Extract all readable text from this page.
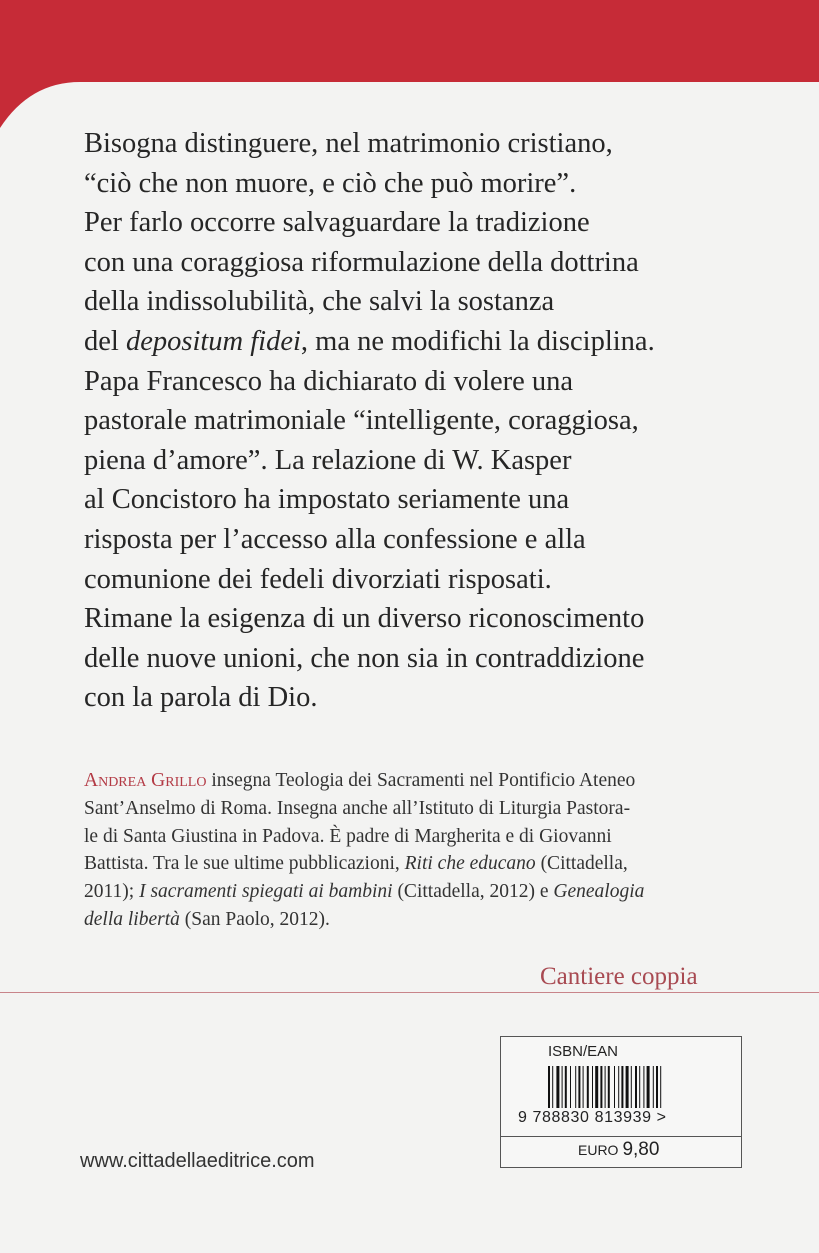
Bisogna distinguere, nel matrimonio cristiano,
“ciò che non muore, e ciò che può morire”.
Per farlo occorre salvaguardare la tradizione
con una coraggiosa riformulazione della dottrina
della indissolubilità, che salvi la sostanza
del depositum fidei, ma ne modifichi la disciplina.
Papa Francesco ha dichiarato di volere una
pastorale matrimoniale “intelligente, coraggiosa,
piena d’amore”. La relazione di W. Kasper
al Concistoro ha impostato seriamente una
risposta per l’accesso alla confessione e alla
comunione dei fedeli divorziati risposati.
Rimane la esigenza di un diverso riconoscimento
delle nuove unioni, che non sia in contraddizione
con la parola di Dio.
Andrea Grillo insegna Teologia dei Sacramenti nel Pontificio Ateneo
Sant’Anselmo di Roma. Insegna anche all’Istituto di Liturgia Pastora-
le di Santa Giustina in Padova. È padre di Margherita e di Giovanni
Battista. Tra le sue ultime pubblicazioni, Riti che educano (Cittadella,
2011); I sacramenti spiegati ai bambini (Cittadella, 2012) e Genealogia
della libertà (San Paolo, 2012).
Cantiere coppia
ISBN/EAN
9 788830 813939 >
EURO 9,80
www.cittadellaeditrice.com
